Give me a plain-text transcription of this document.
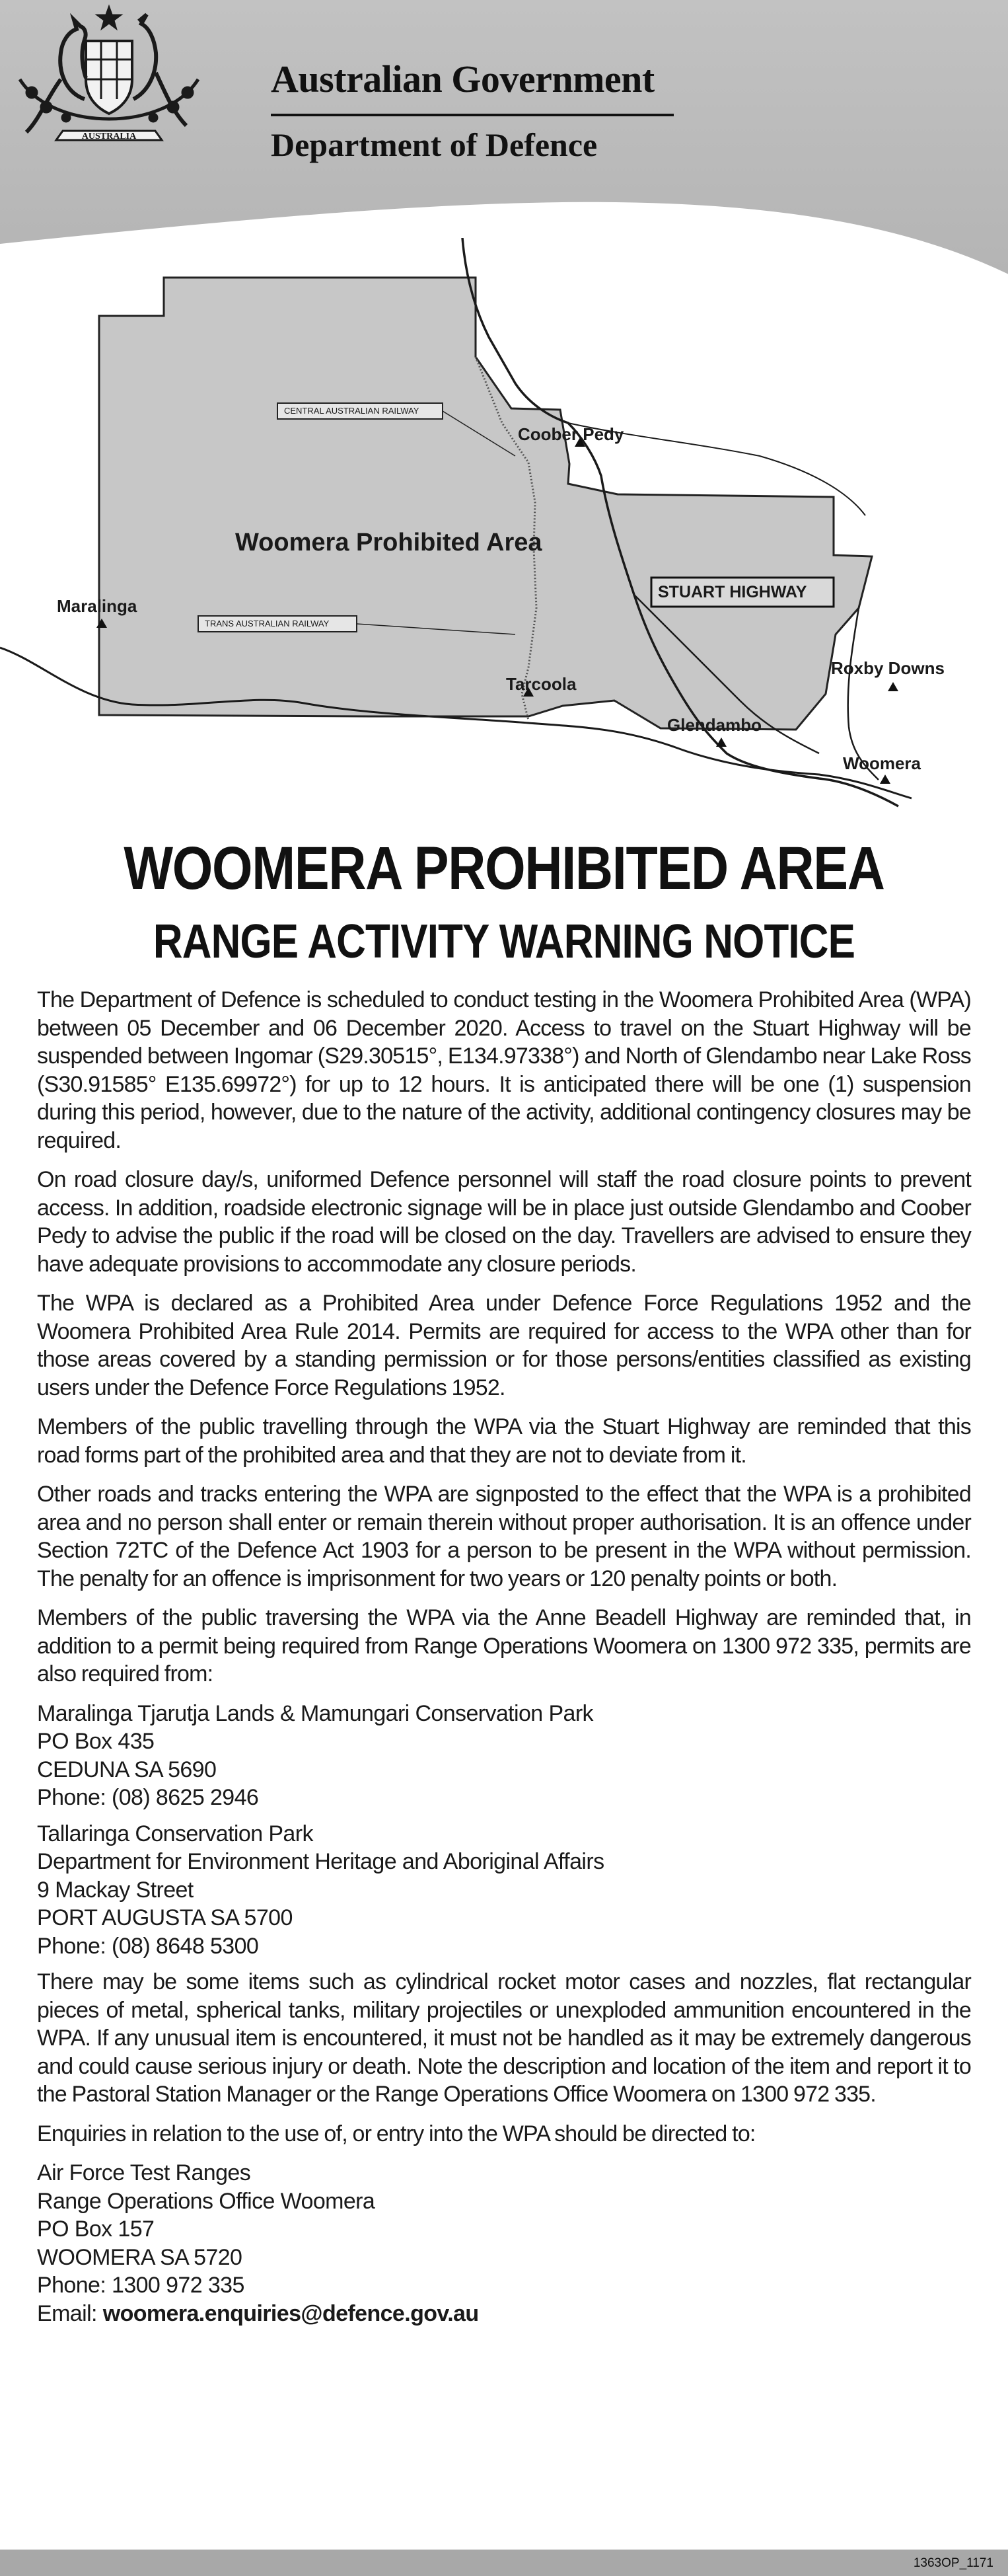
AUSTRALIA
Australian Government
Department of Defence
Woomera Prohibited Area
CENTRAL AUSTRALIAN RAILWAY
TRANS AUSTRALIAN RAILWAY
STUART HIGHWAY
Coober Pedy
Maralinga
Tarcoola
Glendambo
Roxby Downs
Woomera
WOOMERA PROHIBITED AREA
RANGE ACTIVITY WARNING NOTICE

The Department of Defence is scheduled to conduct testing in the Woomera Prohibited Area (WPA) between 05 December and 06 December 2020. Access to travel on the Stuart Highway will be suspended between Ingomar (S29.30515°, E134.97338°) and North of Glendambo near Lake Ross (S30.91585° E135.69972°) for up to 12 hours. It is anticipated there will be one (1) suspension during this period, however, due to the nature of the activity, additional contingency closures may be required.

On road closure day/s, uniformed Defence personnel will staff the road closure points to prevent access. In addition, roadside electronic signage will be in place just outside Glendambo and Coober Pedy to advise the public if the road will be closed on the day. Travellers are advised to ensure they have adequate provisions to accommodate any closure periods.

The WPA is declared as a Prohibited Area under Defence Force Regulations 1952 and the Woomera Prohibited Area Rule 2014. Permits are required for access to the WPA other than for those areas covered by a standing permission or for those persons/entities classified as existing users under the Defence Force Regulations 1952.

Members of the public travelling through the WPA via the Stuart Highway are reminded that this road forms part of the prohibited area and that they are not to deviate from it.

Other roads and tracks entering the WPA are signposted to the effect that the WPA is a prohibited area and no person shall enter or remain therein without proper authorisation. It is an offence under Section 72TC of the Defence Act 1903 for a person to be present in the WPA without permission. The penalty for an offence is imprisonment for two years or 120 penalty points or both.

Members of the public traversing the WPA via the Anne Beadell Highway are reminded that, in addition to a permit being required from Range Operations Woomera on 1300 972 335, permits are also required from:

Maralinga Tjarutja Lands & Mamungari Conservation Park
PO Box 435
CEDUNA SA 5690
Phone: (08) 8625 2946
Tallaringa Conservation Park
Department for Environment Heritage and Aboriginal Affairs
9 Mackay Street
PORT AUGUSTA SA 5700
Phone: (08) 8648 5300

There may be some items such as cylindrical rocket motor cases and nozzles, flat rectangular pieces of metal, spherical tanks, military projectiles or unexploded ammunition encountered in the WPA. If any unusual item is encountered, it must not be handled as it may be extremely dangerous and could cause serious injury or death. Note the description and location of the item and report it to the Pastoral Station Manager or the Range Operations Office Woomera on 1300 972 335.

Enquiries in relation to the use of, or entry into the WPA should be directed to:

Air Force Test Ranges
Range Operations Office Woomera
PO Box 157
WOOMERA SA 5720
Phone: 1300 972 335
Email: woomera.enquiries@defence.gov.au
1363OP_1171
